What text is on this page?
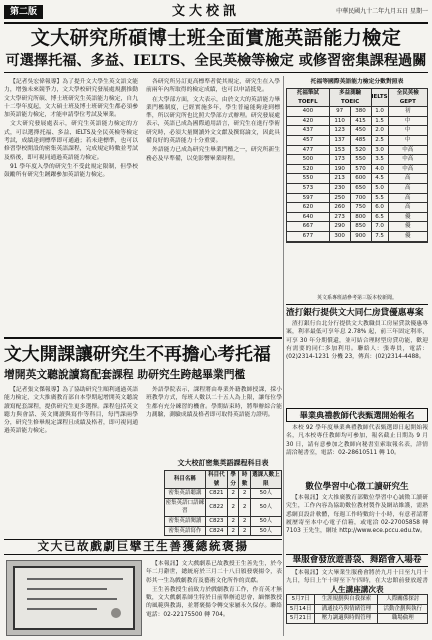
第二版	文大校訊	中華民國九十二年九月五日 星期一
文大研究所碩博士班全面實施英語能力檢定
可選擇托福、多益、IELTS、全民英檢等檢定 或修習密集課程過關

【記者吳宏偉報導】為了提升文大學生英文語文能力，增強未來競爭力，文大學校研究發展處規劃推動文大學研究所碩、博士班研究生英語能力檢定，自九十二學年度起，文大碩士班及博士班研究生都必須參加英語能力檢定，才能申請學位考試及畢業。

文大研究發展處表示，研究生英語能力檢定的方式，可以選擇托福、多益、IELTS及全民英檢等檢定考試，成績達到標準即可通過；若未達標準，也可以修習學校開設的密集英語課程，完成規定時數並考試及格後，即可視同通過英語能力檢定。

91 學年度入學的研究生不受此規定限制，但學校鼓勵所有研究生踴躍參加英語能力檢定。

各研究所另訂更高標準者從其規定，研究生在入學前兩年內所取得的檢定成績，也可以申請抵免。

在大學部方面，文大表示，由於文大的英語能力畢業門檻制度，已經實施多年，學生普遍能夠達到標準，所以研究所也比照大學部方式辦理。研究發展處表示，英語已成為國際通用語言，研究生在進行學術研究時，必須大量閱讀外文文獻及撰寫論文，因此具備良好的英語能力十分重要。

外語能力已成為研究生畢業門檻之一，研究所新生務必及早準備，以免影響畢業時程。

托福等國際英語能力檢定分數對照表
托福筆試 TOEFL	多益測驗 TOEIC		IELTS	全民英檢 GEPT
400	97	380	1.0	初
420	110	415	1.5	中
437	123	450	2.0	中
457	137	485	2.5	中
477	153	520	3.0	中高
500	173	550	3.5	中高
520	190	570	4.0	中高
550	213	600	4.5	高
573	230	650	5.0	高
597	250	700	5.5	高
620	260	750	6.0	高
640	273	800	6.5	優
667	290	850	7.0	優
677	300	900	7.5	優

英文系專班請參考第三版本校新聞。
渣打銀行提供文大同仁房貸優惠專案

渣打銀行台北分行提供文大教職員工房屋貸款優惠專案，利率最低可享年息 2.78% 起，前三年固定利率，可享 30 年分期償還，並可結合理財型房貸功能，歡迎有需要的同仁多加利用。聯絡人：張專員，電話：(02)2314-1231 分機 23，傳真：(02)2314-4488。

畢業典禮教師代表甄選開始報名

本校 92 學年度畢業典禮教師代表甄選即日起開始報名，凡本校專任教師均可參加，報名截止日期為 9 月 30 日，請有意參加之教師向秘書室索取報名表，詳情請洽秘書室，電話：02-28610511 轉 10。

數位學習中心徵工讀研究生

【本報訊】文大推廣教育部數位學習中心誠徵工讀研究生，工作內容為協助數位教材製作及網站維護，需熟悉網頁設計軟體，每週工作時數約十小時，有意者請將履歷寄至本中心電子信箱，或電洽 02-27005858 轉 7103 王先生，網址 http://www.ece.pccu.edu.tw。

畢服會發放遊書袋、舞蹈會入場卷

【本報訊】文大畢業生服務會將於九月十日至九月十九日，每日上午十時至下午四時，在大忠館前發放遊書

人生講座講次表
5月7日	生涯規劃與自我探索	人際關係探討
5月14日	溝通技巧與情緒管理	活動企劃與執行
5月21日	壓力調適與時間管理	職場倫理
文大開課讓研究生不再擔心考托福
增開英文聽說讀寫配套課程 助研究生跨越畢業門檻

【記者張文傑報導】為了協助研究生順利通過英語能力檢定，文大推廣教育部自本學期起增開英文聽說讀寫配套課程，提供研究生更多選擇。課程包括英文聽力與會話、英文閱讀與寫作等科目，每門課兩學分，研究生修畢規定課程且成績及格者，即可視同通過英語能力檢定。

外語學院表示，課程將由專業外籍教師授課，採小班教學方式，每班人數以二十五人為上限，讓每位學生都有充分練習的機會。學期結束時，將舉辦綜合能力測驗，測驗成績及格者即可取得英語能力證明。

文大校訂密集英語課程科目表
科目名稱	科目代號	學分	時數	選課人數上限
密集英語聽講	C821	2	2	50人
密集英語口語練習	C822	2	2	50人
密集英語閱讀	C823	2	2	50人
密集英語寫作	C824	2	2	50人
文大已故戲劇巨擘王生善獲總統褒揚

【本報訊】文大戲劇系已故教授王生善先生，於今年二月辭世，總統府於三月二十八日頒發褒揚令，表彰其一生為戲劇教育及藝術文化所作的貢獻。

王生善教授生前致力於戲劇教育工作，作育英才無數，文大戲劇系師生特於日前舉辦追思會，緬懷教授的風範與教誨，並將褒揚令轉交家屬永久保存。聯絡電話：02-22175500 轉 704。
